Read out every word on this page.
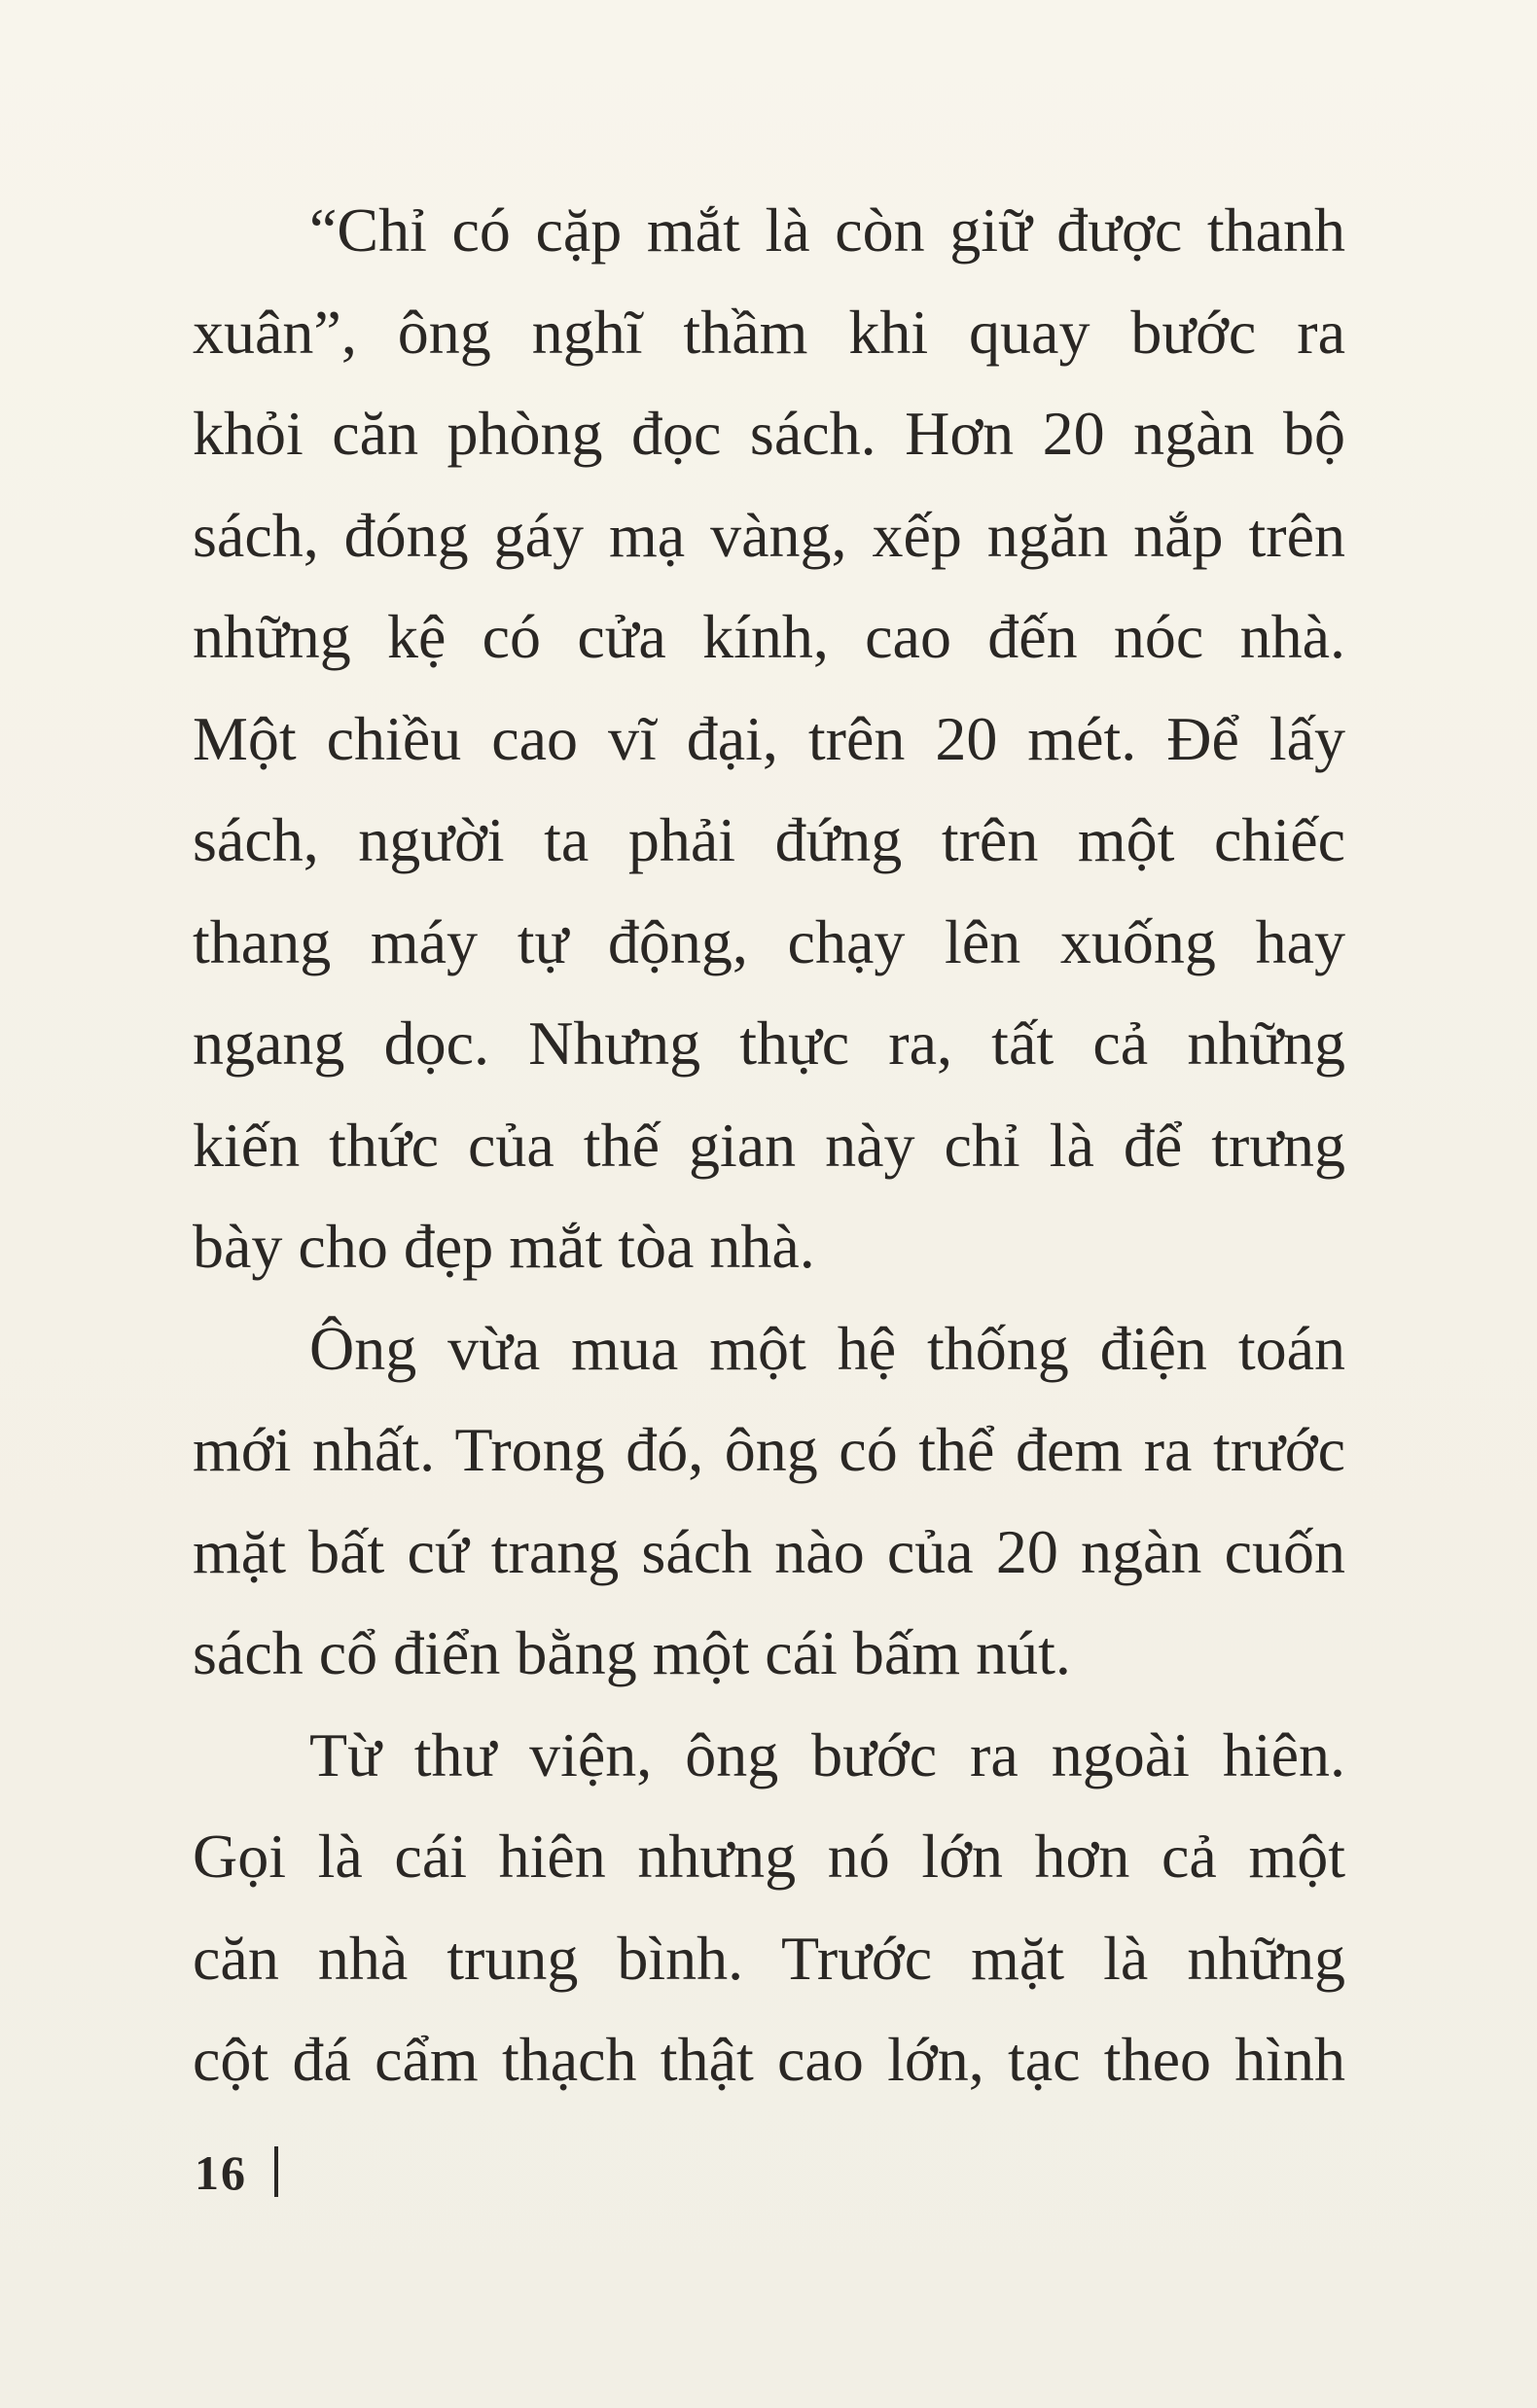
“Chỉ có cặp mắt là còn giữ được thanh
xuân”, ông nghĩ thầm khi quay bước ra
khỏi căn phòng đọc sách. Hơn 20 ngàn bộ
sách, đóng gáy mạ vàng, xếp ngăn nắp trên
những kệ có cửa kính, cao đến nóc nhà.
Một chiều cao vĩ đại, trên 20 mét. Để lấy
sách, người ta phải đứng trên một chiếc
thang máy tự động, chạy lên xuống hay
ngang dọc. Nhưng thực ra, tất cả những
kiến thức của thế gian này chỉ là để trưng
bày cho đẹp mắt tòa nhà.
Ông vừa mua một hệ thống điện toán
mới nhất. Trong đó, ông có thể đem ra trước
mặt bất cứ trang sách nào của 20 ngàn cuốn
sách cổ điển bằng một cái bấm nút.
Từ thư viện, ông bước ra ngoài hiên.
Gọi là cái hiên nhưng nó lớn hơn cả một
căn nhà trung bình. Trước mặt là những
cột đá cẩm thạch thật cao lớn, tạc theo hình
16
